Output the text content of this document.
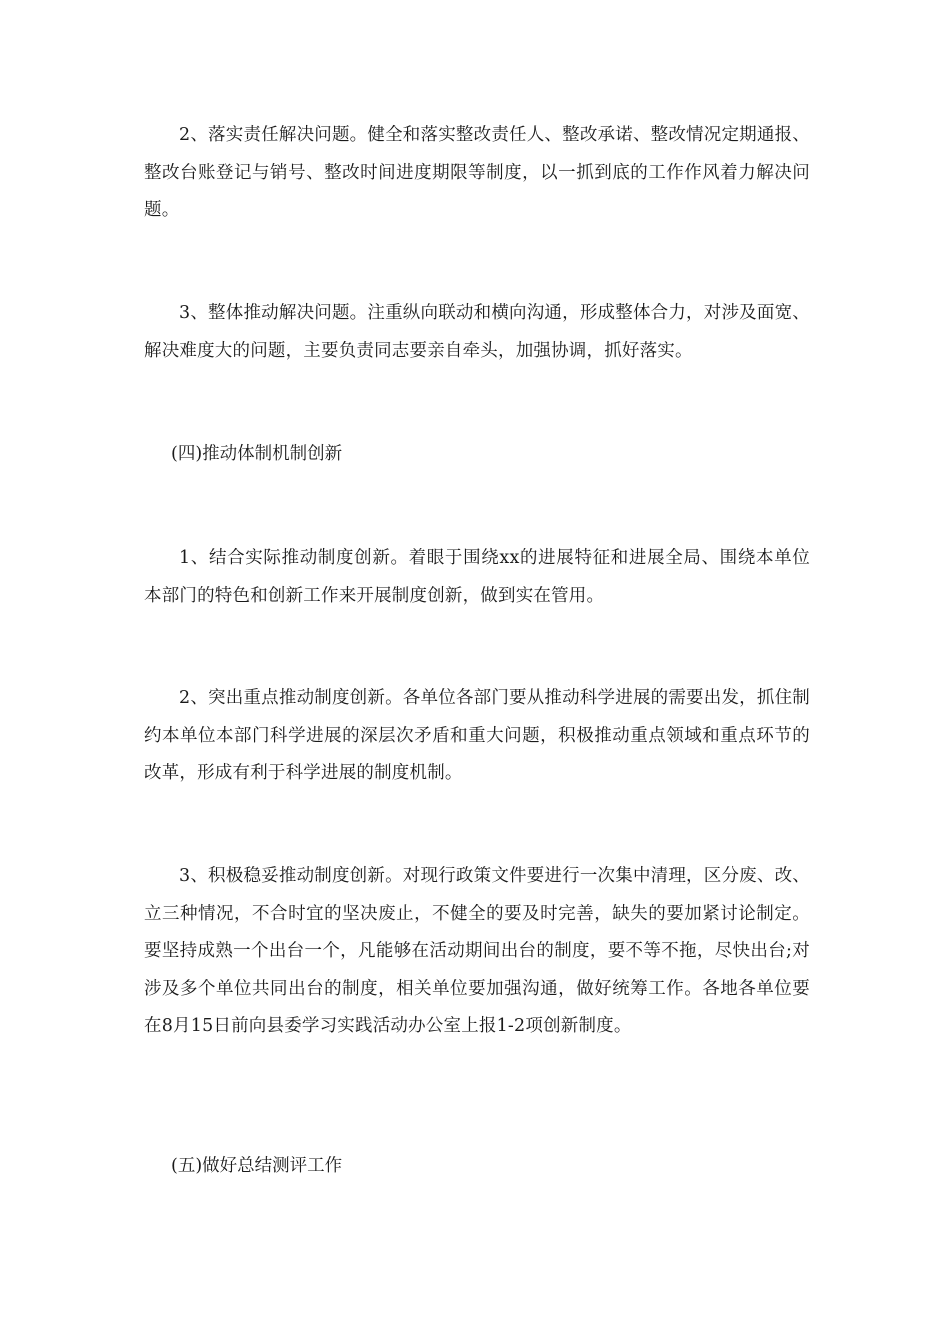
2、落实责任解决问题。健全和落实整改责任人、整改承诺、整改情况定期通报、整改台账登记与销号、整改时间进度期限等制度，以一抓到底的工作作风着力解决问题。

3、整体推动解决问题。注重纵向联动和横向沟通，形成整体合力，对涉及面宽、解决难度大的问题，主要负责同志要亲自牵头，加强协调，抓好落实。

(四)推动体制机制创新

1、结合实际推动制度创新。着眼于围绕xx的进展特征和进展全局、围绕本单位本部门的特色和创新工作来开展制度创新，做到实在管用。

2、突出重点推动制度创新。各单位各部门要从推动科学进展的需要出发，抓住制约本单位本部门科学进展的深层次矛盾和重大问题，积极推动重点领域和重点环节的改革，形成有利于科学进展的制度机制。

3、积极稳妥推动制度创新。对现行政策文件要进行一次集中清理，区分废、改、立三种情况，不合时宜的坚决废止，不健全的要及时完善，缺失的要加紧讨论制定。要坚持成熟一个出台一个，凡能够在活动期间出台的制度，要不等不拖，尽快出台;对涉及多个单位共同出台的制度，相关单位要加强沟通，做好统筹工作。各地各单位要在8月15日前向县委学习实践活动办公室上报1-2项创新制度。

(五)做好总结测评工作
